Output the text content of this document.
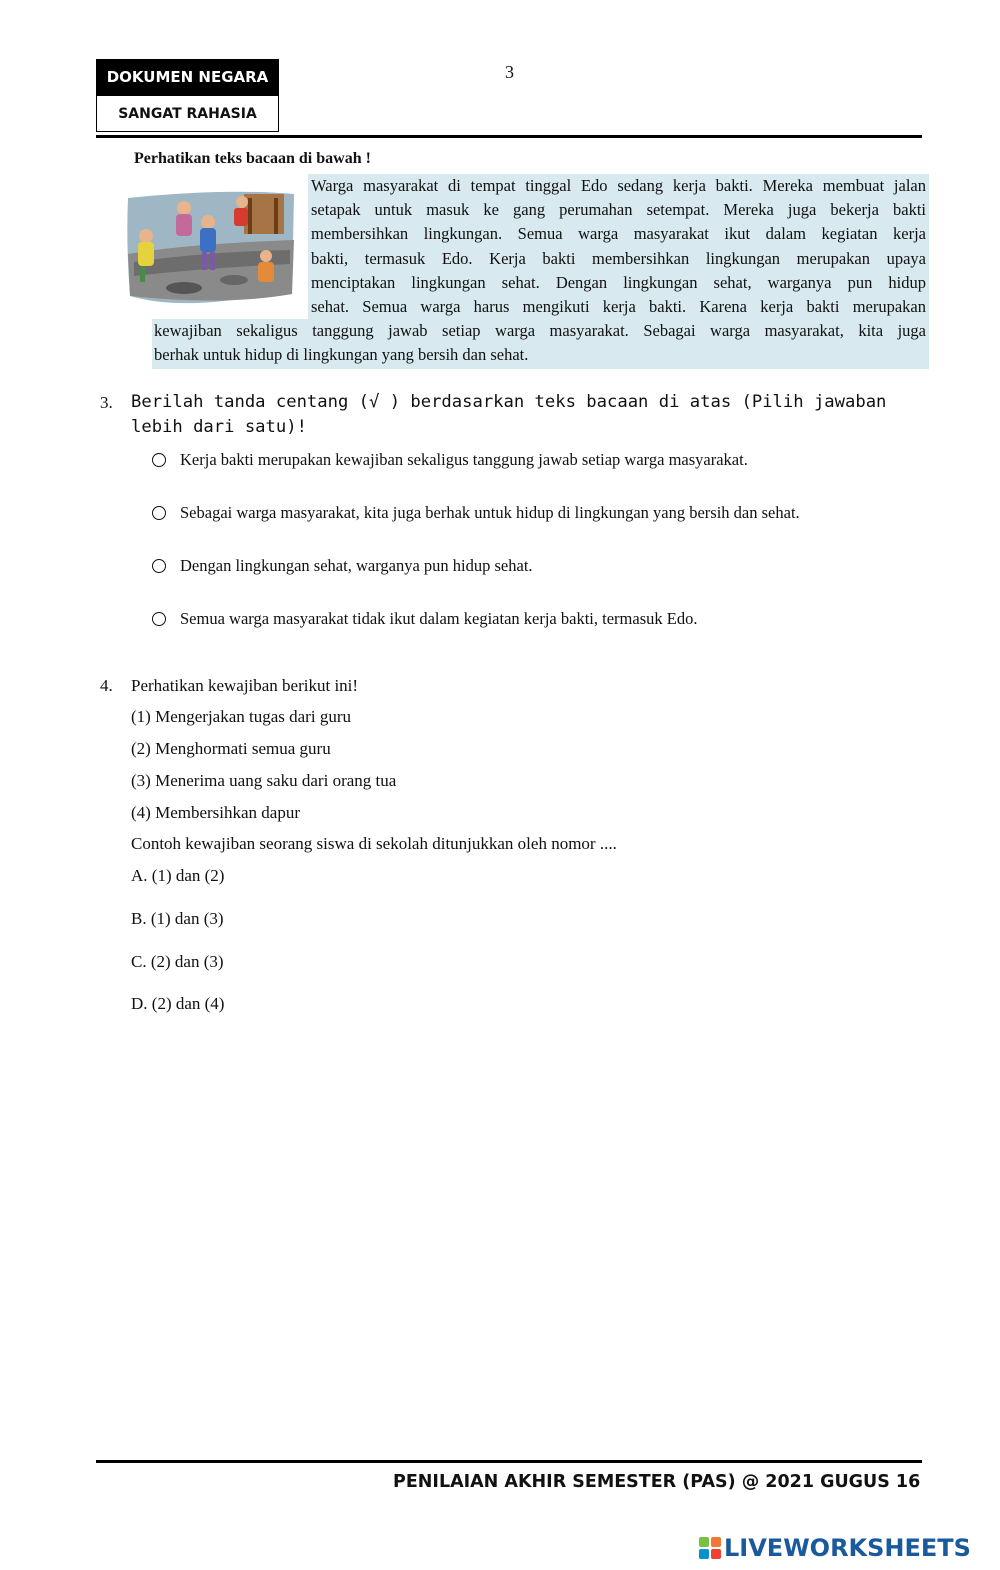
DOKUMEN NEGARA
SANGAT RAHASIA
3
Perhatikan teks bacaan di bawah !
Warga masyarakat di tempat tinggal Edo sedang kerja bakti. Mereka membuat jalan
setapak untuk masuk ke gang perumahan setempat. Mereka juga bekerja bakti
membersihkan lingkungan. Semua warga masyarakat ikut dalam kegiatan kerja
bakti, termasuk Edo. Kerja bakti membersihkan lingkungan merupakan upaya
menciptakan lingkungan sehat. Dengan lingkungan sehat, warganya pun hidup
sehat. Semua warga harus mengikuti kerja bakti. Karena kerja bakti merupakan
kewajiban sekaligus tanggung jawab setiap warga masyarakat. Sebagai warga masyarakat, kita juga
berhak untuk hidup di lingkungan yang bersih dan sehat.
3. Berilah tanda centang (√ ) berdasarkan teks bacaan di atas (Pilih jawaban lebih dari satu)!
Kerja bakti merupakan kewajiban sekaligus tanggung jawab setiap warga masyarakat.
Sebagai warga masyarakat, kita juga berhak untuk hidup di lingkungan yang bersih dan sehat.
Dengan lingkungan sehat, warganya pun hidup sehat.
Semua warga masyarakat tidak ikut dalam kegiatan kerja bakti, termasuk Edo.
4. Perhatikan kewajiban berikut ini!
(1) Mengerjakan tugas dari guru
(2) Menghormati semua guru
(3) Menerima uang saku dari orang tua
(4) Membersihkan dapur
Contoh kewajiban seorang siswa di sekolah ditunjukkan oleh nomor ....
A. (1) dan (2)
B. (1) dan (3)
C. (2) dan (3)
D. (2) dan (4)
PENILAIAN AKHIR SEMESTER (PAS) @ 2021 GUGUS 16
LIVEWORKSHEETS
